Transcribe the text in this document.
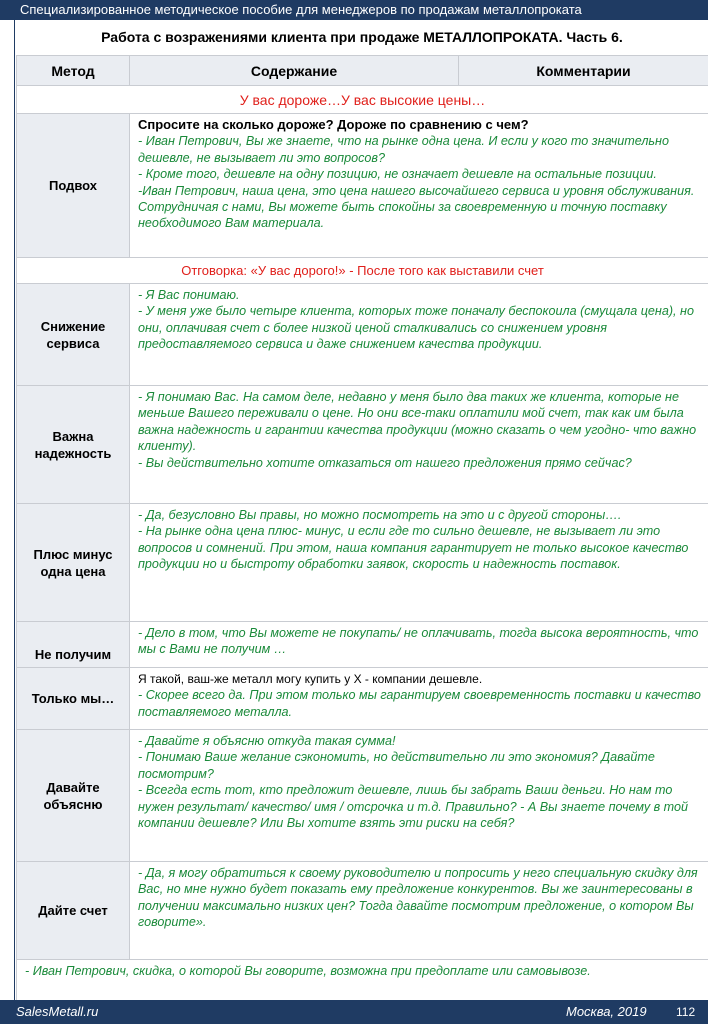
Специализированное методическое пособие для менеджеров по продажам металлопроката
Работа с возражениями клиента при продаже МЕТАЛЛОПРОКАТА. Часть 6.
Метод	Содержание	Комментарии
У вас дороже…У вас высокие цены…		
Подвох	Спросите на сколько дороже? Дороже по сравнению с чем?
- Иван Петрович, Вы же знаете, что на рынке одна цена. И если у кого то значительно дешевле, не вызывает ли это вопросов?
- Кроме того, дешевле на одну позицию, не означает дешевле на остальные позиции.
-Иван Петрович, наша цена, это цена нашего высочайшего сервиса и уровня обслуживания. Сотрудничая с нами, Вы можете быть спокойны за своевременную и точную поставку необходимого Вам материала.	

Отговорка: «У вас дорого!» - После того как выставили счет		
Снижение сервиса	- Я Вас понимаю.
- У меня уже было четыре клиента, которых тоже поначалу беспокоила (смущала цена), но они, оплачивая счет с более низкой ценой сталкивались со снижением уровня предоставляемого сервиса и даже снижением качества продукции.	
Важна надежность	- Я понимаю Вас. На самом деле, недавно у меня было два таких же клиента, которые не меньше Вашего переживали о цене. Но они все-таки оплатили мой счет, так как им была важна надежность и гарантии качества продукции (можно сказать о чем угодно- что важно клиенту).
- Вы действительно хотите отказаться от нашего предложения прямо сейчас?	
Плюс минус одна цена	- Да, безусловно Вы правы, но можно посмотреть на это и с другой стороны….
- На рынке одна цена плюс- минус, и если где то сильно дешевле, не вызывает ли это вопросов и сомнений. При этом, наша компания гарантирует не только высокое качество продукции но и быстроту обработки заявок, скорость и надежность поставок.	
Не получим	- Дело в том, что Вы можете не покупать/ не оплачивать, тогда высока вероятность, что мы с Вами не получим …	
Только мы…	Я такой, ваш-же металл могу купить у Х - компании дешевле.
- Скорее всего да. При этом только мы гарантируем своевременность поставки и качество поставляемого металла.	

Давайте объясню	- Давайте я объясню откуда такая сумма!
- Понимаю Ваше желание сэкономить, но действительно ли это экономия? Давайте посмотрим?
- Всегда есть тот, кто предложит дешевле, лишь бы забрать Ваши деньги. Но нам то нужен результат/ качество/ имя / отсрочка и т.д. Правильно? - А Вы знаете почему в той компании дешевле? Или Вы хотите взять эти риски на себя?	
Дайте счет	- Да, я могу обратиться к своему руководителю и попросить у него специальную скидку для Вас, но мне нужно будет показать ему предложение конкурентов. Вы же заинтересованы в получении максимально низких цен? Тогда давайте посмотрим предложение, о котором Вы говорите».	
- Иван Петрович, скидка, о которой Вы говорите, возможна при предоплате или самовывозе.		
SalesMetall.ru	Москва, 2019 112
